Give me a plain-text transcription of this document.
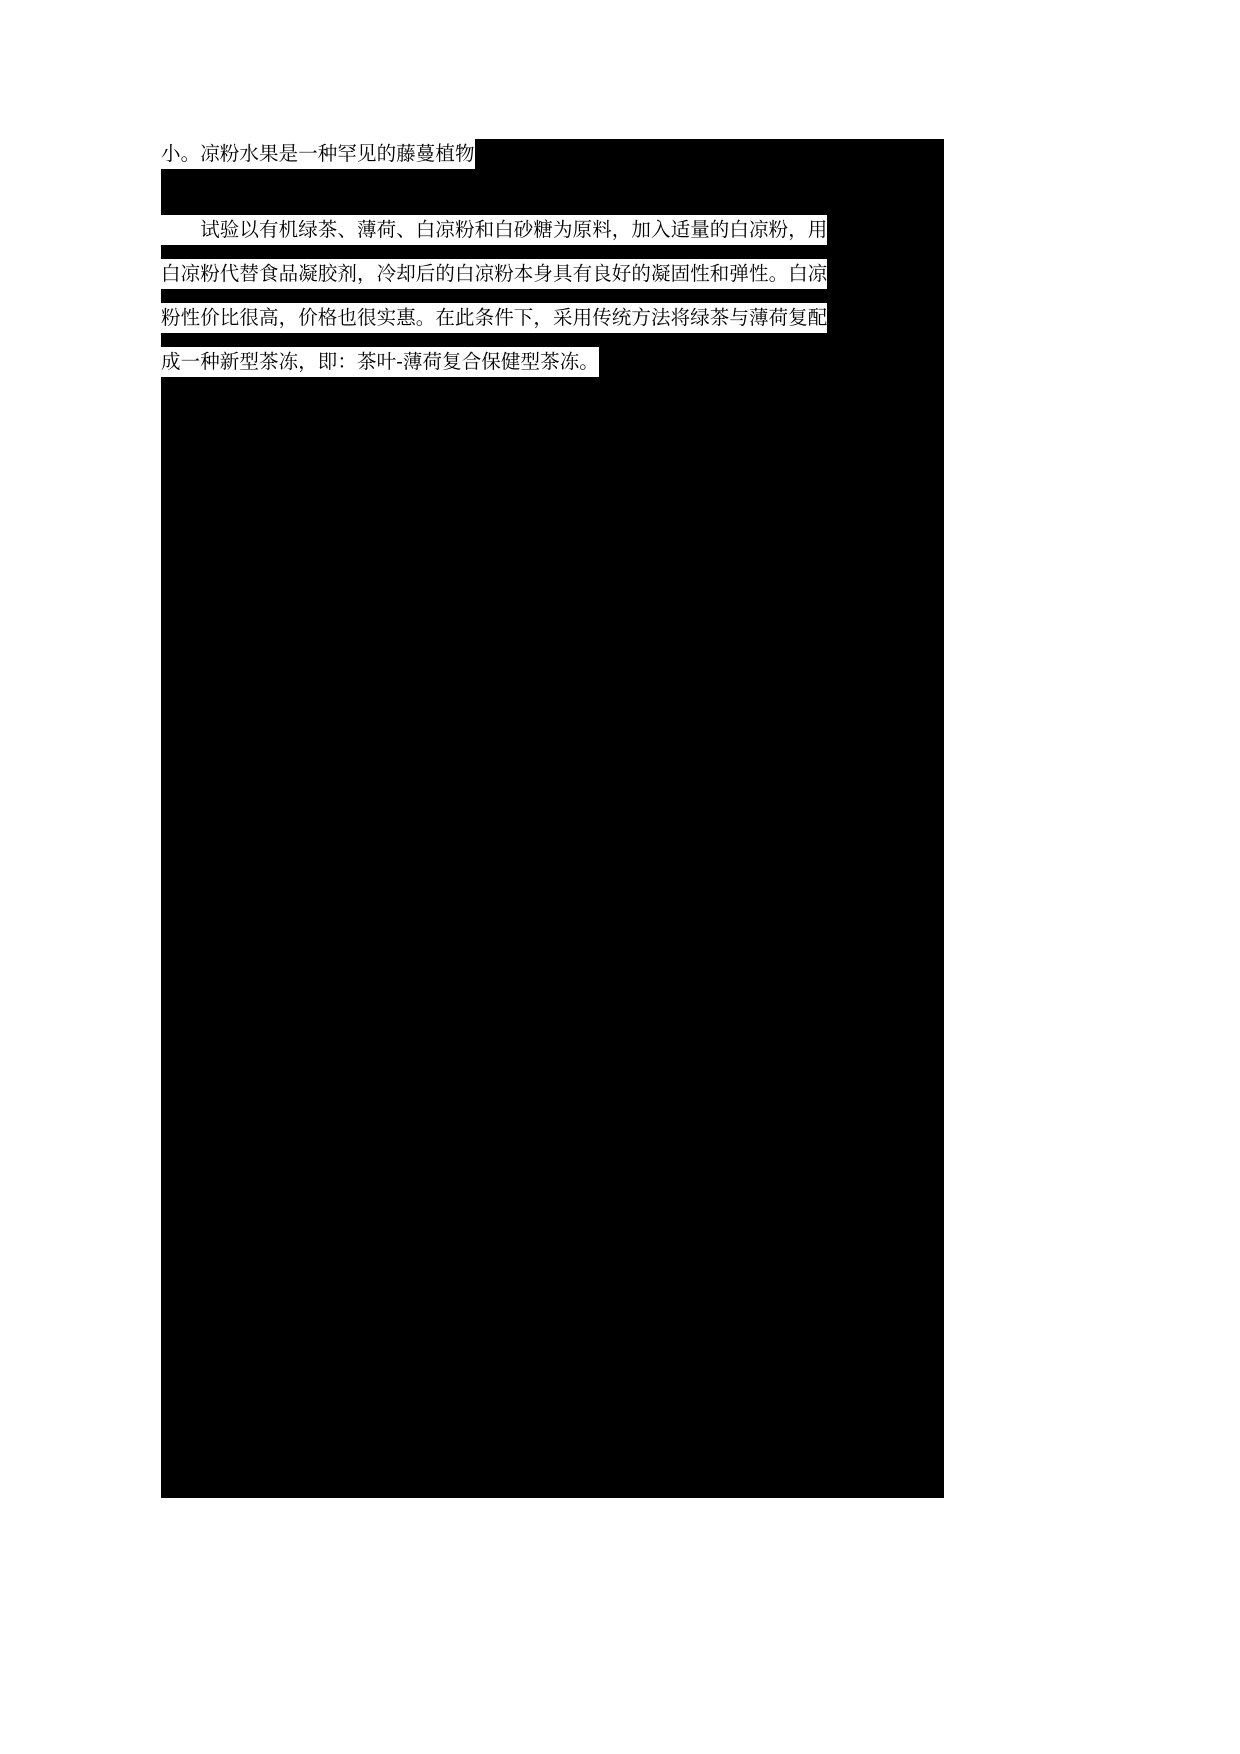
小。凉粉水果是一种罕见的藤蔓植物
　　试验以有机绿茶、薄荷、白凉粉和白砂糖为原料，加入适量的白凉粉，用
白凉粉代替食品凝胶剂，冷却后的白凉粉本身具有良好的凝固性和弹性。白凉
粉性价比很高，价格也很实惠。在此条件下，采用传统方法将绿茶与薄荷复配
成一种新型茶冻，即：茶叶-薄荷复合保健型茶冻。
